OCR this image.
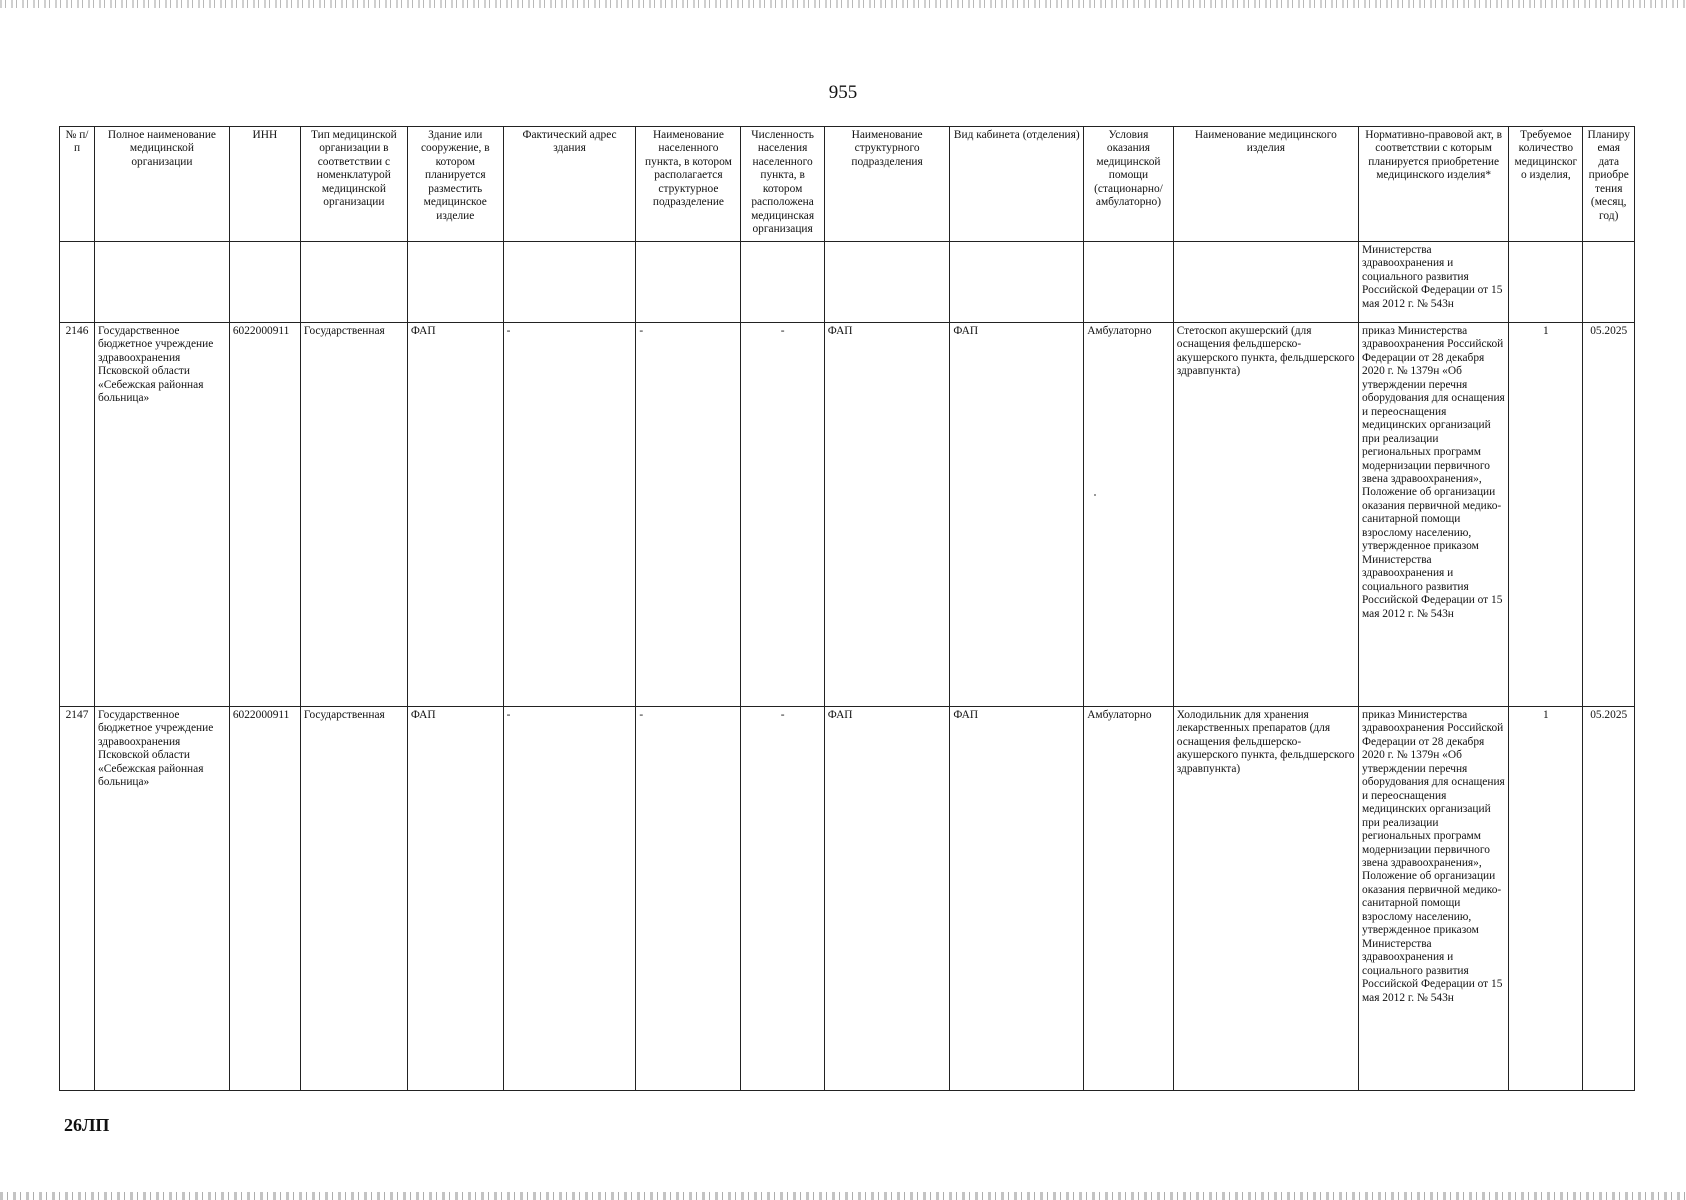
955
№ п/п	Полное наименование медицинской организации	ИНН	Тип медицинской организации в соответствии с номенклатурой медицинской организации	Здание или сооружение, в котором планируется разместить медицинское изделие	Фактический адрес здания	Наименование населенного пункта, в котором располагается структурное подразделение	Численность населения населенного пункта, в котором расположена медицинская организация	Наименование структурного подразделения	Вид кабинета (отделения)	Условия оказания медицинской помощи (стационарно/амбулаторно)	Наименование медицинского изделия	Нормативно-правовой акт, в соответствии с которым планируется приобретение медицинского изделия*	Требуемое количество медицинского изделия,	Планируемая дата приобретения (месяц, год)
												Министерства здравоохранения и социального развития Российской Федерации от 15 мая 2012 г. № 543н		
2146	Государственное бюджетное учреждение здравоохранения Псковской области «Себежская районная больница»	6022000911	Государственная	ФАП	-	-	-	ФАП	ФАП	Амбулаторно	Стетоскоп акушерский (для оснащения фельдшерско-акушерского пункта, фельдшерского здравпункта)	приказ Министерства здравоохранения Российской Федерации от 28 декабря 2020 г. № 1379н «Об утверждении перечня оборудования для оснащения и переоснащения медицинских организаций при реализации региональных программ модернизации первичного звена здравоохранения», Положение об организации оказания первичной медико-санитарной помощи взрослому населению, утвержденное приказом Министерства здравоохранения и социального развития Российской Федерации от 15 мая 2012 г. № 543н	1	05.2025
2147	Государственное бюджетное учреждение здравоохранения Псковской области «Себежская районная больница»	6022000911	Государственная	ФАП	-	-	-	ФАП	ФАП	Амбулаторно	Холодильник для хранения лекарственных препаратов (для оснащения фельдшерско-акушерского пункта, фельдшерского здравпункта)	приказ Министерства здравоохранения Российской Федерации от 28 декабря 2020 г. № 1379н «Об утверждении перечня оборудования для оснащения и переоснащения медицинских организаций при реализации региональных программ модернизации первичного звена здравоохранения», Положение об организации оказания первичной медико-санитарной помощи взрослому населению, утвержденное приказом Министерства здравоохранения и социального развития Российской Федерации от 15 мая 2012 г. № 543н	1	05.2025
26ЛП
